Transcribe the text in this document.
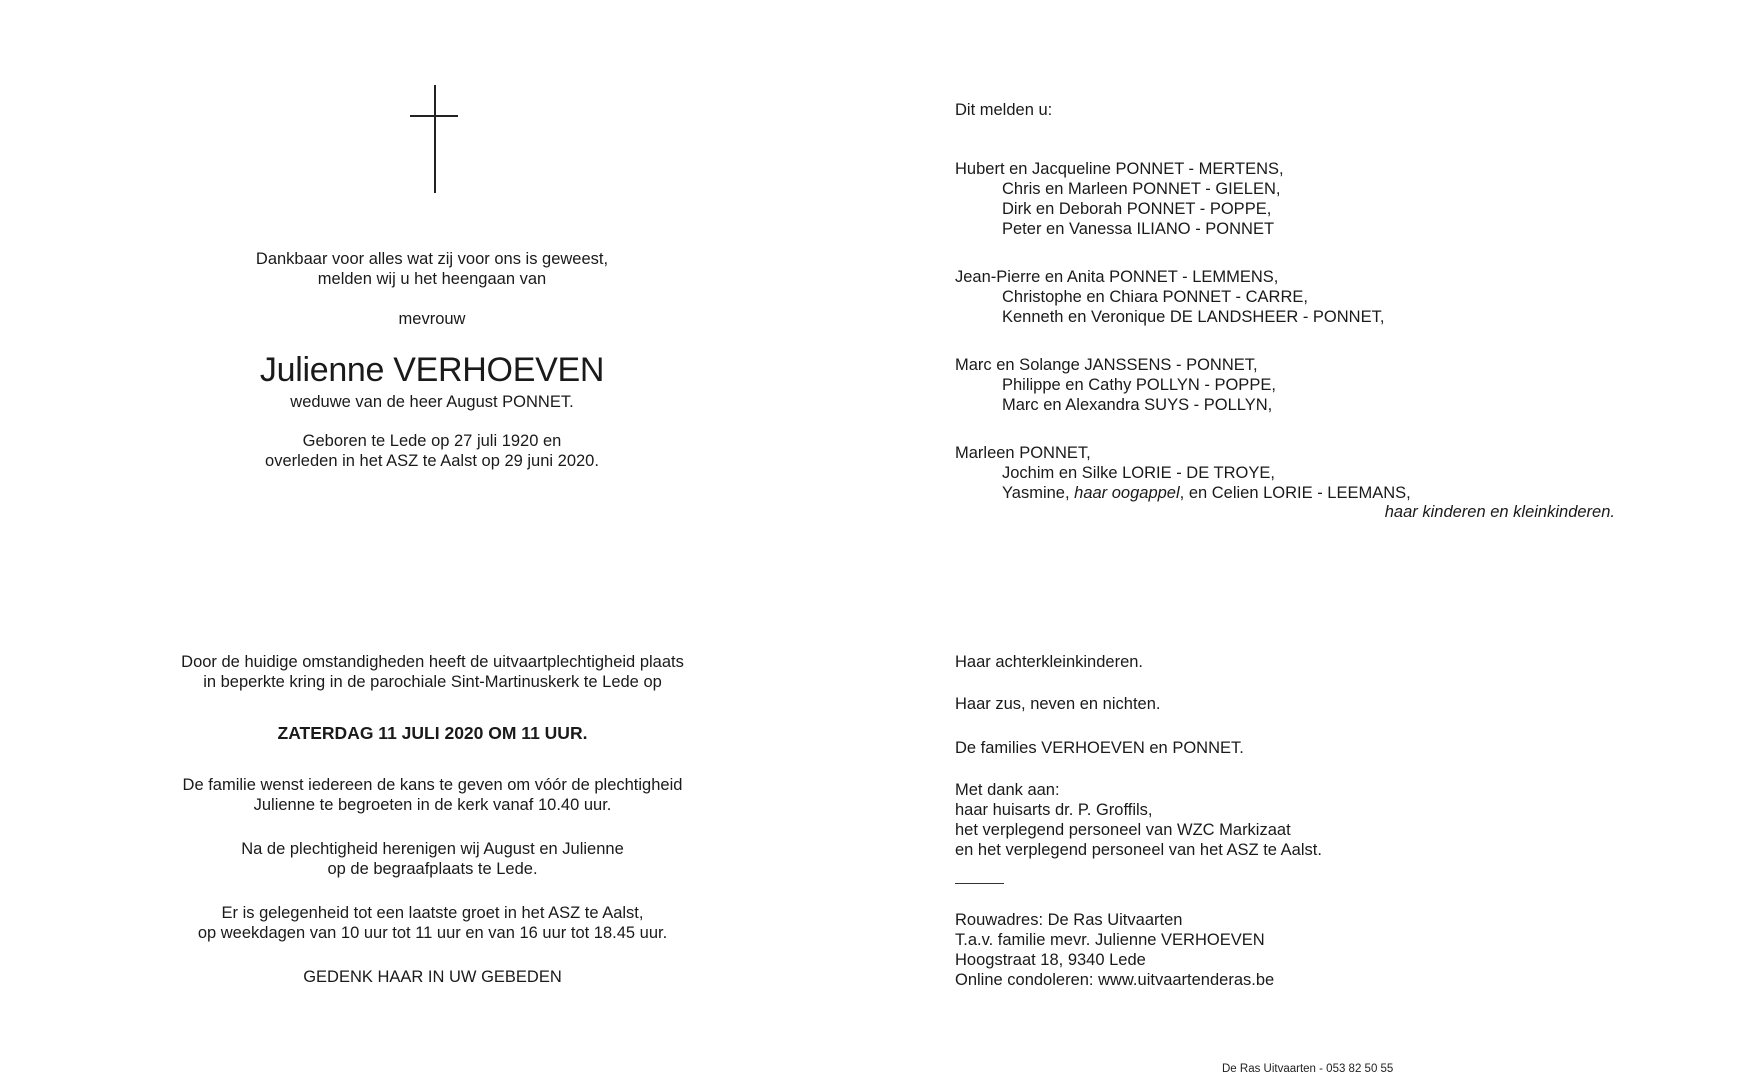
Dankbaar voor alles wat zij voor ons is geweest,
melden wij u het heengaan van
mevrouw
Julienne VERHOEVEN
weduwe van de heer August PONNET.
Geboren te Lede op 27 juli 1920 en
overleden in het ASZ te Aalst op 29 juni 2020.
Dit melden u:
Hubert en Jacqueline PONNET - MERTENS,
Chris en Marleen PONNET - GIELEN,
Dirk en Deborah PONNET - POPPE,
Peter en Vanessa ILIANO - PONNET
Jean-Pierre en Anita PONNET - LEMMENS,
Christophe en Chiara PONNET - CARRE,
Kenneth en Veronique DE LANDSHEER - PONNET,
Marc en Solange JANSSENS - PONNET,
Philippe en Cathy POLLYN - POPPE,
Marc en Alexandra SUYS - POLLYN,
Marleen PONNET,
Jochim en Silke LORIE - DE TROYE,
Yasmine, haar oogappel, en Celien LORIE - LEEMANS,
haar kinderen en kleinkinderen.
Door de huidige omstandigheden heeft de uitvaartplechtigheid plaats
in beperkte kring in de parochiale Sint-Martinuskerk te Lede op
ZATERDAG 11 JULI 2020 OM 11 UUR.
De familie wenst iedereen de kans te geven om vóór de plechtigheid
Julienne te begroeten in de kerk vanaf 10.40 uur.
Na de plechtigheid herenigen wij August en Julienne
op de begraafplaats te Lede.
Er is gelegenheid tot een laatste groet in het ASZ te Aalst,
op weekdagen van 10 uur tot 11 uur en van 16 uur tot 18.45 uur.
GEDENK HAAR IN UW GEBEDEN
Haar achterkleinkinderen.
Haar zus, neven en nichten.
De families VERHOEVEN en PONNET.
Met dank aan:
haar huisarts dr. P. Groffils,
het verplegend personeel van WZC Markizaat
en het verplegend personeel van het ASZ te Aalst.
Rouwadres: De Ras Uitvaarten
T.a.v. familie mevr. Julienne VERHOEVEN
Hoogstraat 18, 9340 Lede
Online condoleren: www.uitvaartenderas.be
De Ras Uitvaarten - 053 82 50 55
